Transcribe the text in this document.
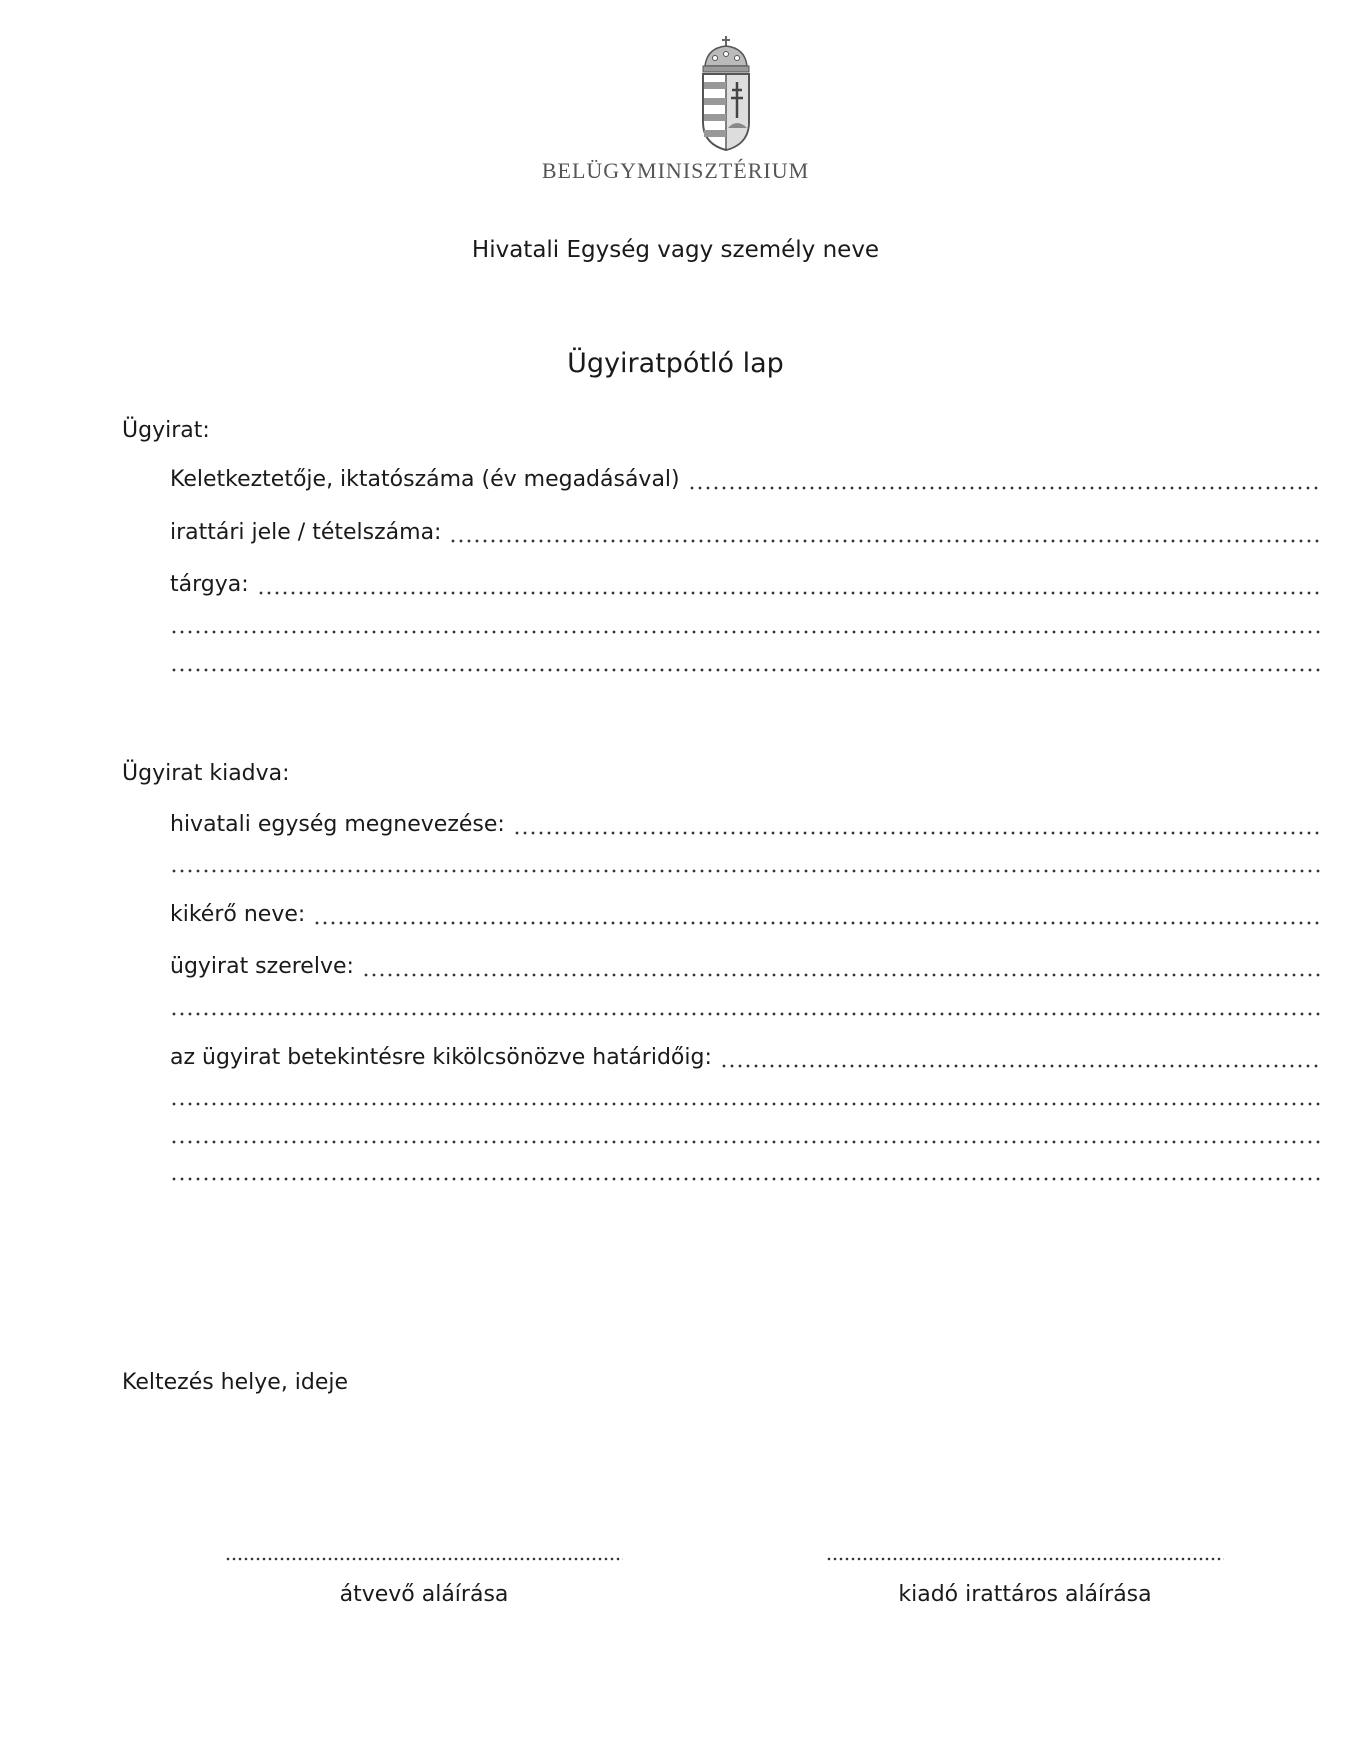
BELÜGYMINISZTÉRIUM
Hivatali Egység vagy személy neve
Ügyiratpótló lap
Ügyirat:
Keletkeztetője, iktatószáma (év megadásával)
irattári jele / tételszáma:
tárgya:
Ügyirat kiadva:
hivatali egység megnevezése:
kikérő neve:
ügyirat szerelve:
az ügyirat betekintésre kikölcsönözve határidőig:
Keltezés helye, ideje
átvevő aláírása	kiadó irattáros aláírása
